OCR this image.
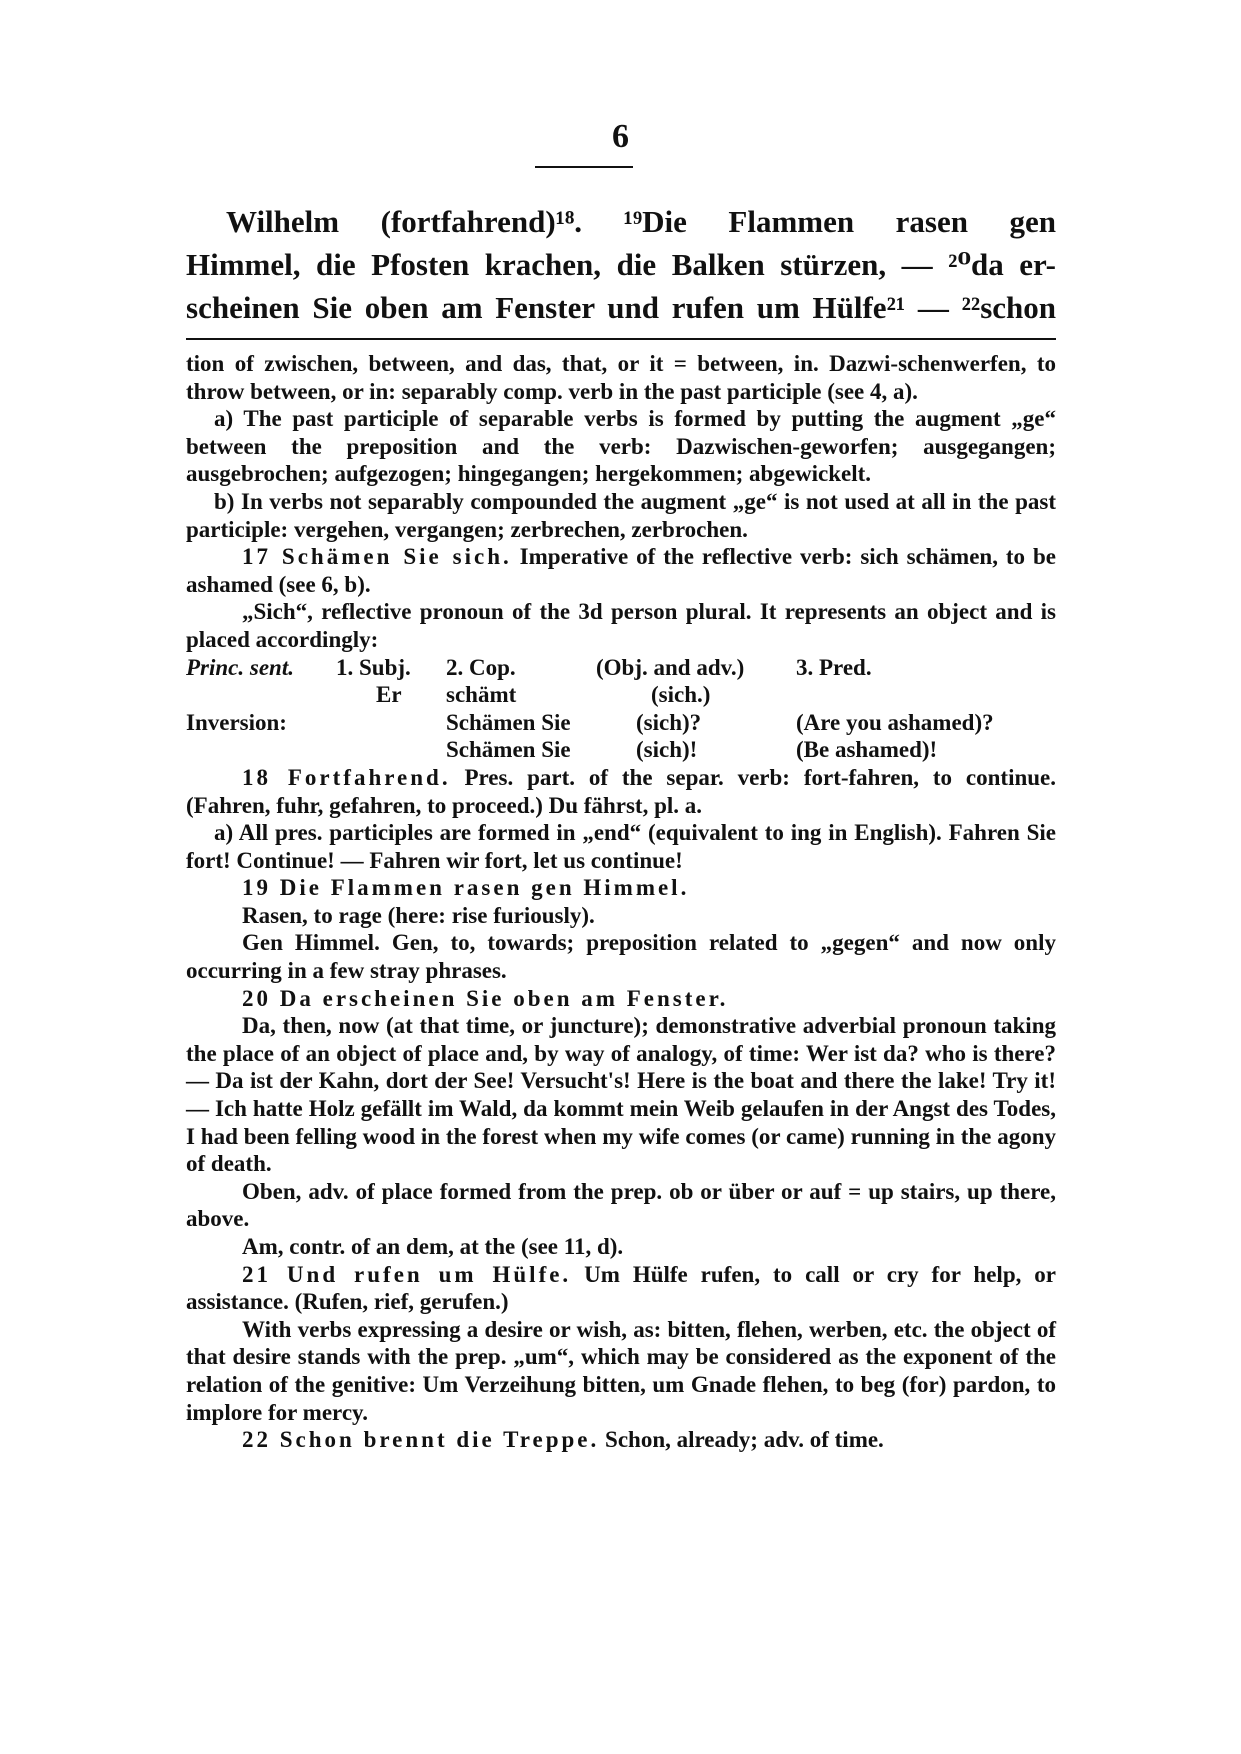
6
Wilhelm (fortfahrend)¹⁸. ¹⁹Die Flammen rasen gen
Himmel, die Pfosten krachen, die Balken stürzen, — ²⁰da er-
scheinen Sie oben am Fenster und rufen um Hülfe²¹ — ²²schon

tion of zwischen, between, and das, that, or it = between, in. Dazwi-schenwerfen, to throw between, or in: separably comp. verb in the past participle (see 4, a).

a) The past participle of separable verbs is formed by putting the augment „ge“ between the preposition and the verb: Dazwischen-geworfen; ausgegangen; ausgebrochen; aufgezogen; hingegangen; hergekommen; abgewickelt.

b) In verbs not separably compounded the augment „ge“ is not used at all in the past participle: vergehen, vergangen; zerbrechen, zerbrochen.

17 Schämen Sie sich. Imperative of the reflective verb: sich schämen, to be ashamed (see 6, b).

„Sich“, reflective pronoun of the 3d person plural. It represents an object and is placed accordingly:

Princ. sent.	1. Subj.	2. Cop.	(Obj. and adv.)	3. Pred.
	Er	schämt	(sich.)	
Inversion:		Schämen Sie	(sich)?	(Are you ashamed)?
		Schämen Sie	(sich)!	(Be ashamed)!

18 Fortfahrend. Pres. part. of the separ. verb: fort-fahren, to continue. (Fahren, fuhr, gefahren, to proceed.) Du fährst, pl. a.

a) All pres. participles are formed in „end“ (equivalent to ing in English). Fahren Sie fort! Continue! — Fahren wir fort, let us continue!

19 Die Flammen rasen gen Himmel.

Rasen, to rage (here: rise furiously).

Gen Himmel. Gen, to, towards; preposition related to „gegen“ and now only occurring in a few stray phrases.

20 Da erscheinen Sie oben am Fenster.

Da, then, now (at that time, or juncture); demonstrative adverbial pronoun taking the place of an object of place and, by way of analogy, of time: Wer ist da? who is there? — Da ist der Kahn, dort der See! Versucht's! Here is the boat and there the lake! Try it! — Ich hatte Holz gefällt im Wald, da kommt mein Weib gelaufen in der Angst des Todes, I had been felling wood in the forest when my wife comes (or came) running in the agony of death.

Oben, adv. of place formed from the prep. ob or über or auf = up stairs, up there, above.

Am, contr. of an dem, at the (see 11, d).

21 Und rufen um Hülfe. Um Hülfe rufen, to call or cry for help, or assistance. (Rufen, rief, gerufen.)

With verbs expressing a desire or wish, as: bitten, flehen, werben, etc. the object of that desire stands with the prep. „um“, which may be considered as the exponent of the relation of the genitive: Um Verzeihung bitten, um Gnade flehen, to beg (for) pardon, to implore for mercy.

22 Schon brennt die Treppe. Schon, already; adv. of time.
